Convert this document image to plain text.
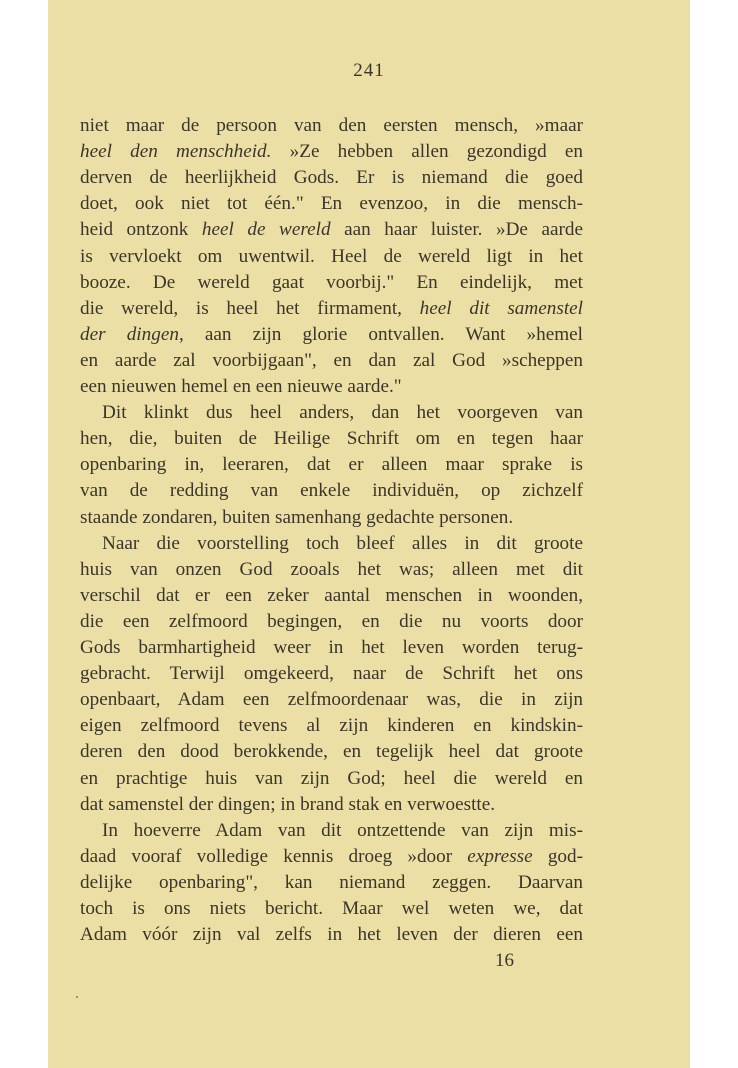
241
niet maar de persoon van den eersten mensch, »maar
heel den menschheid. »Ze hebben allen gezondigd en
derven de heerlijkheid Gods. Er is niemand die goed
doet, ook niet tot één." En evenzoo, in die mensch-
heid ontzonk heel de wereld aan haar luister. »De aarde
is vervloekt om uwentwil. Heel de wereld ligt in het
booze. De wereld gaat voorbij." En eindelijk, met
die wereld, is heel het firmament, heel dit samenstel
der dingen, aan zijn glorie ontvallen. Want »hemel
en aarde zal voorbijgaan", en dan zal God »scheppen
een nieuwen hemel en een nieuwe aarde."
Dit klinkt dus heel anders, dan het voorgeven van
hen, die, buiten de Heilige Schrift om en tegen haar
openbaring in, leeraren, dat er alleen maar sprake is
van de redding van enkele individuën, op zichzelf
staande zondaren, buiten samenhang gedachte personen.
Naar die voorstelling toch bleef alles in dit groote
huis van onzen God zooals het was; alleen met dit
verschil dat er een zeker aantal menschen in woonden,
die een zelfmoord begingen, en die nu voorts door
Gods barmhartigheid weer in het leven worden terug-
gebracht. Terwijl omgekeerd, naar de Schrift het ons
openbaart, Adam een zelfmoordenaar was, die in zijn
eigen zelfmoord tevens al zijn kinderen en kindskin-
deren den dood berokkende, en tegelijk heel dat groote
en prachtige huis van zijn God; heel die wereld en
dat samenstel der dingen; in brand stak en verwoestte.
In hoeverre Adam van dit ontzettende van zijn mis-
daad vooraf volledige kennis droeg »door expresse god-
delijke openbaring", kan niemand zeggen. Daarvan
toch is ons niets bericht. Maar wel weten we, dat
Adam vóór zijn val zelfs in het leven der dieren een
16
